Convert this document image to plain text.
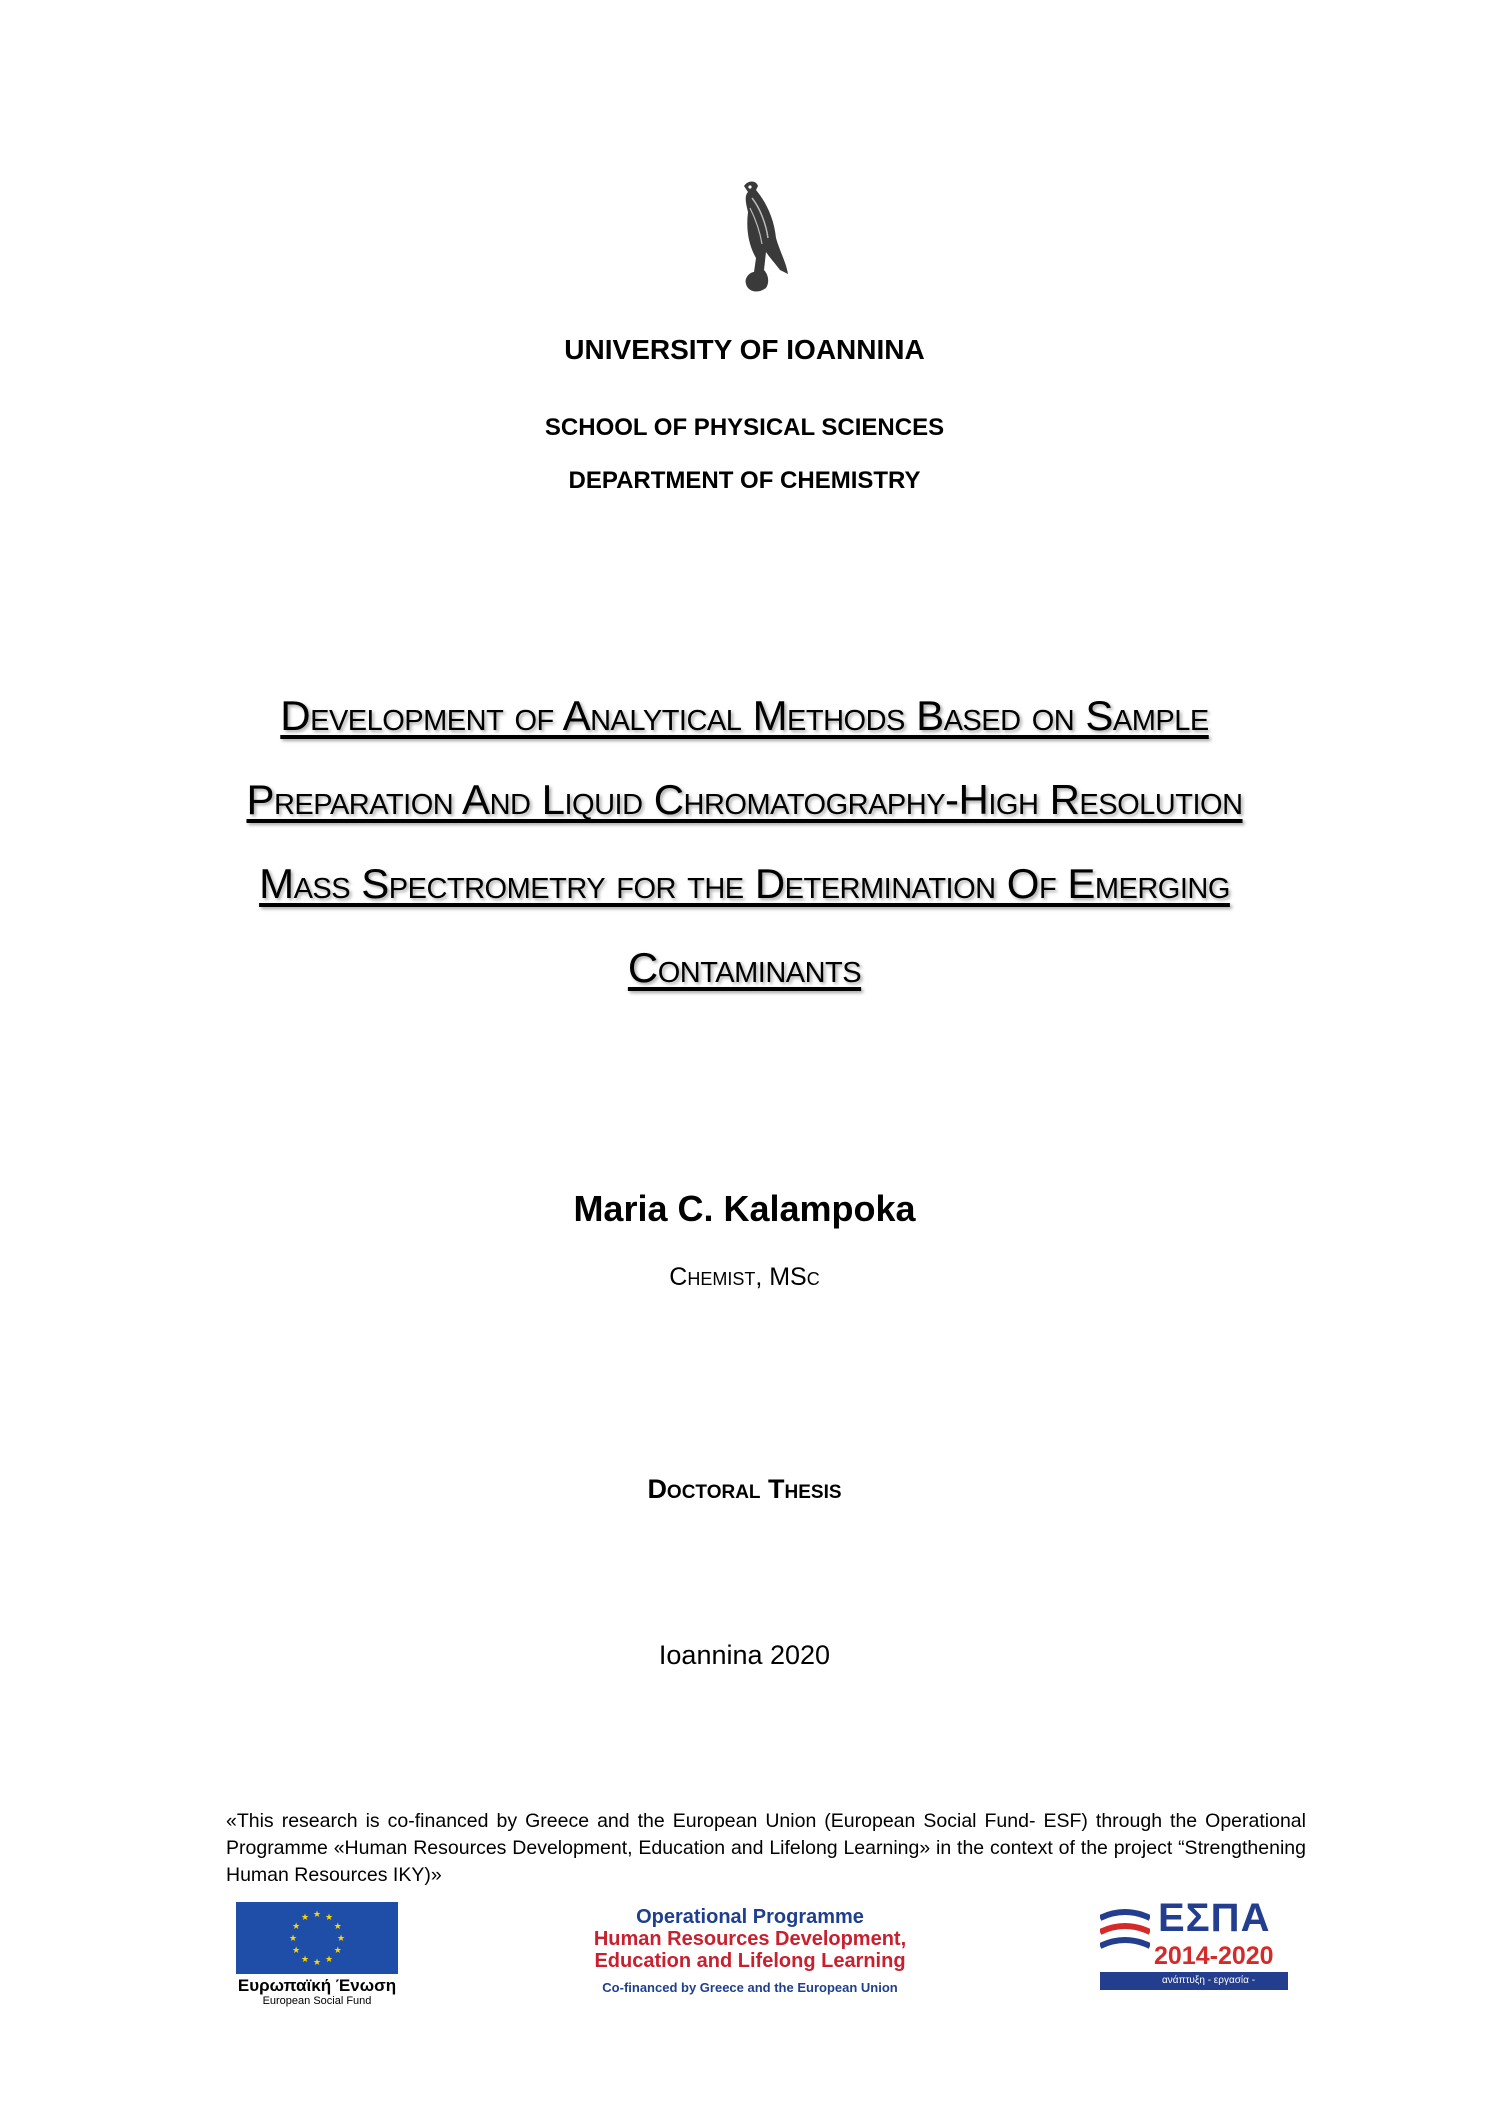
UNIVERSITY OF IOANNINA
SCHOOL OF PHYSICAL SCIENCES
DEPARTMENT OF CHEMISTRY
Development of Analytical Methods Based on Sample
Preparation And Liquid Chromatography-High Resolution
Mass Spectrometry for the Determination Of Emerging
Contaminants
Maria C. Kalampoka
Chemist, MSc
Doctoral Thesis
Ioannina 2020
«This research is co-financed by Greece and the European Union (European Social Fund- ESF) through the Operational Programme «Human Resources Development, Education and Lifelong Learning» in the context of the project “Strengthening Human Resources IKY)»
★
★
★
★
★
★
★
★
★ ★ ★
★
Ευρωπαϊκή Ένωση
European Social Fund
Operational Programme
Human Resources Development,
Education and Lifelong Learning
Co-financed by Greece and the European Union
ΕΣΠΑ
2014-2020
ανάπτυξη - εργασία - αλληλεγγύη
